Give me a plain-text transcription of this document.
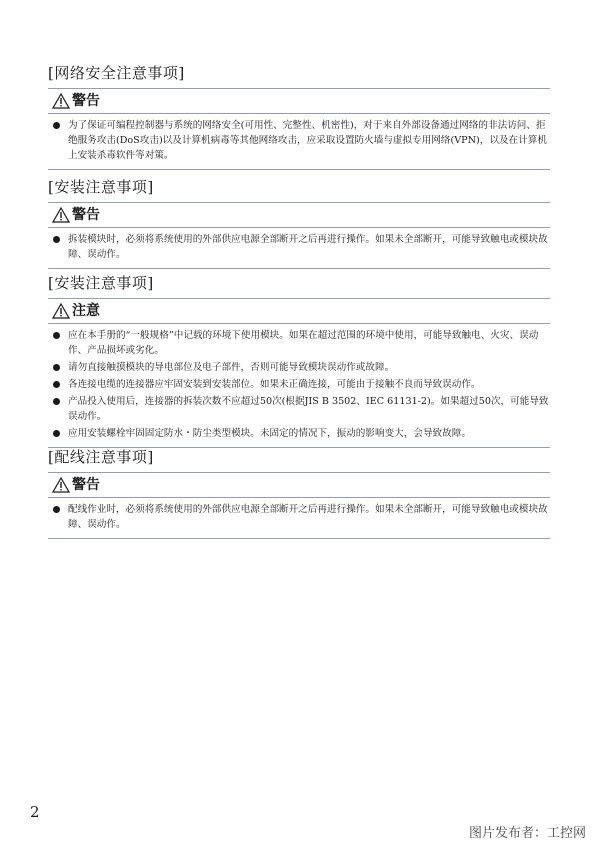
[网络安全注意事项]
警告
为了保证可编程控制器与系统的网络安全(可用性、完整性、机密性)，对于来自外部设备通过网络的非法访问、拒绝服务攻击(DoS攻击)以及计算机病毒等其他网络攻击，应采取设置防火墙与虚拟专用网络(VPN)，以及在计算机上安装杀毒软件等对策。
[安装注意事项]
警告
拆装模块时，必须将系统使用的外部供应电源全部断开之后再进行操作。如果未全部断开，可能导致触电或模块故障、误动作。
[安装注意事项]
注意
应在本手册的“一般规格”中记载的环境下使用模块。如果在超过范围的环境中使用，可能导致触电、火灾、误动作、产品损坏或劣化。
请勿直接触摸模块的导电部位及电子部件，否则可能导致模块误动作或故障。
各连接电缆的连接器应牢固安装到安装部位。如果未正确连接，可能由于接触不良而导致误动作。
产品投入使用后，连接器的拆装次数不应超过50次(根据JIS B 3502、IEC 61131-2)。如果超过50次，可能导致误动作。
应用安装螺栓牢固固定防水・防尘类型模块。未固定的情况下，振动的影响变大，会导致故障。
[配线注意事项]
警告
配线作业时，必须将系统使用的外部供应电源全部断开之后再进行操作。如果未全部断开，可能导致触电或模块故障、误动作。
2
图片发布者：工控网
